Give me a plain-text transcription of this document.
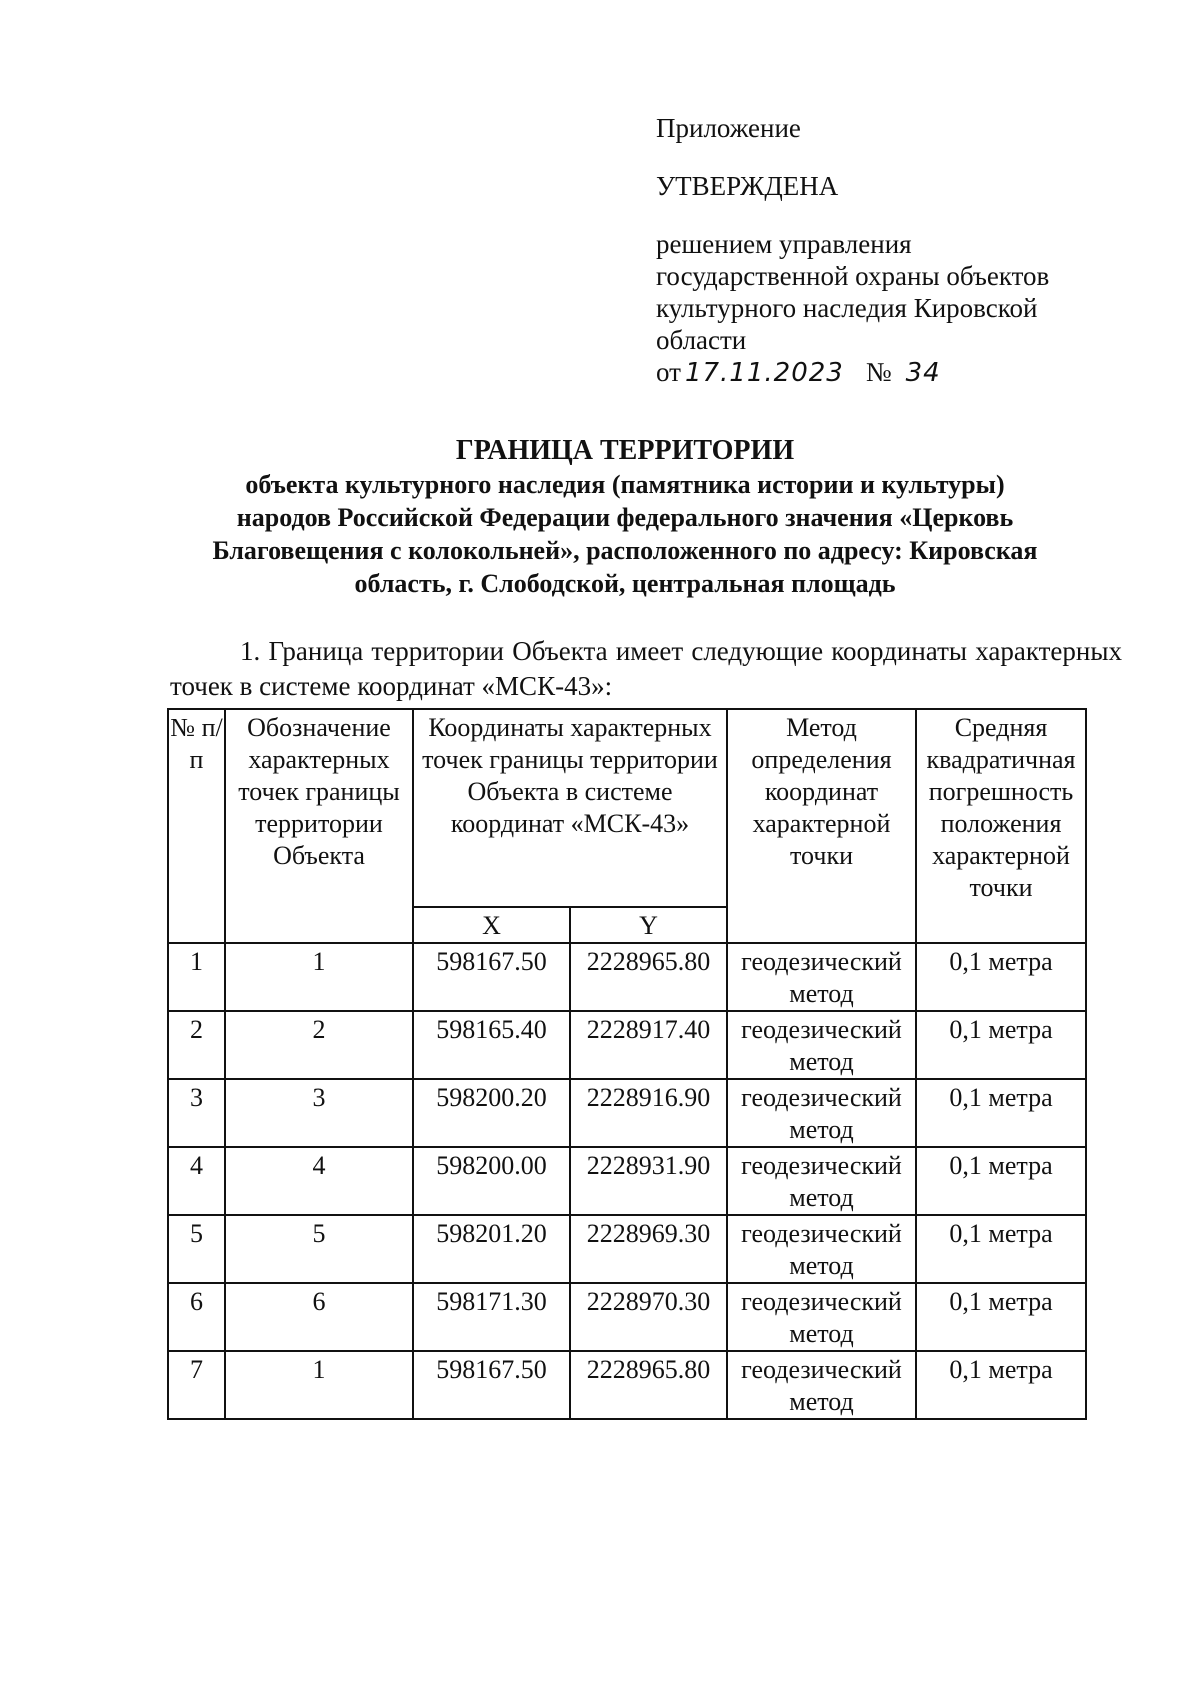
Приложение
УТВЕРЖДЕНА
решением управления
государственной охраны объектов
культурного наследия Кировской
области
от 17.11.2023 № 34
ГРАНИЦА ТЕРРИТОРИИ
объекта культурного наследия (памятника истории и культуры)
народов Российской Федерации федерального значения «Церковь
Благовещения с колокольней», расположенного по адресу: Кировская
область, г. Слободской, центральная площадь
1. Граница территории Объекта имеет следующие координаты характерных точек в системе координат «МСК-43»:
№ п/п	Обозначение характерных точек границы территории Объекта	Координаты характерных точек границы территории Объекта в системе координат «МСК-43»		Метод определения координат характерной точки	Средняя квадратичная погрешность положения характерной точки
		X	Y		
1	1	598167.50	2228965.80	геодезический метод	0,1 метра
2	2	598165.40	2228917.40	геодезический метод	0,1 метра
3	3	598200.20	2228916.90	геодезический метод	0,1 метра
4	4	598200.00	2228931.90	геодезический метод	0,1 метра
5	5	598201.20	2228969.30	геодезический метод	0,1 метра
6	6	598171.30	2228970.30	геодезический метод	0,1 метра
7	1	598167.50	2228965.80	геодезический метод	0,1 метра
